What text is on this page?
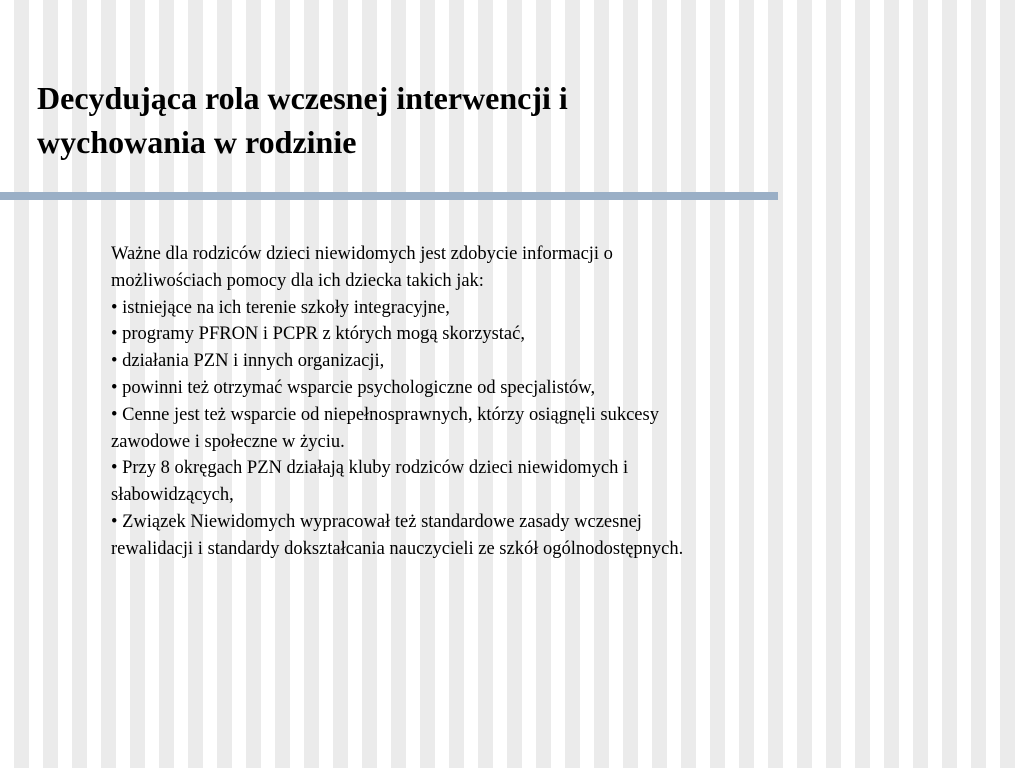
Decydująca rola wczesnej interwencji i
wychowania w rodzinie
Ważne dla rodziców dzieci niewidomych jest zdobycie informacji o
możliwościach pomocy dla ich dziecka takich jak:
• istniejące na ich terenie szkoły integracyjne,
• programy PFRON i PCPR z których mogą skorzystać,
• działania PZN i innych organizacji,
• powinni też otrzymać wsparcie psychologiczne od specjalistów,
• Cenne jest też wsparcie od niepełnosprawnych, którzy osiągnęli sukcesy
zawodowe i społeczne w życiu.
• Przy 8 okręgach PZN działają kluby rodziców dzieci niewidomych i
słabowidzących,
• Związek Niewidomych wypracował też standardowe zasady wczesnej
rewalidacji i standardy dokształcania nauczycieli ze szkół ogólnodostępnych.
